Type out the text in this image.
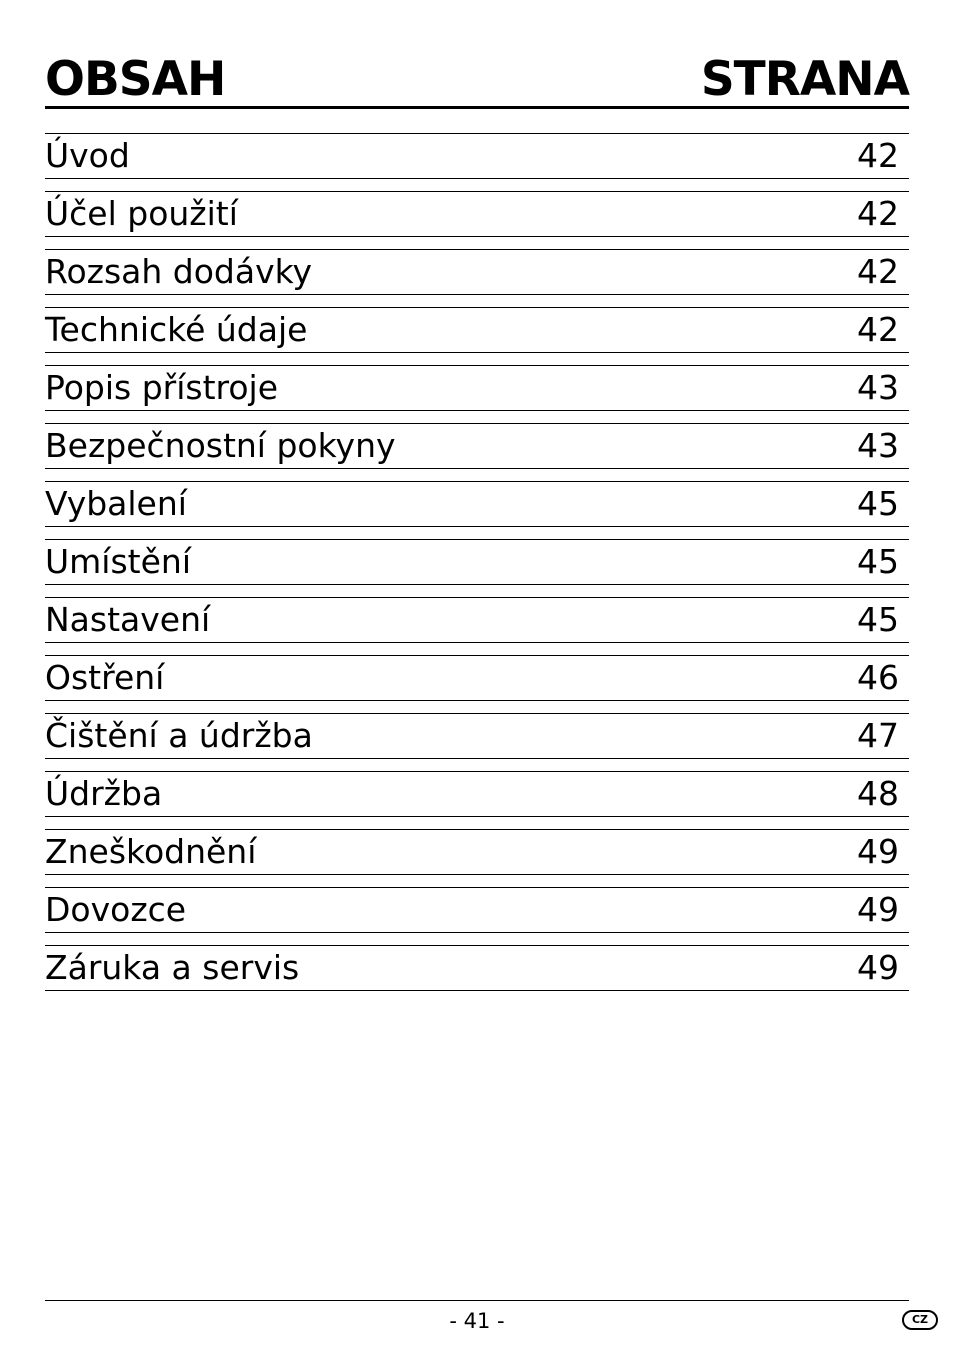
OBSAH	STRANA
Úvod	42
Účel použití	42
Rozsah dodávky	42
Technické údaje	42
Popis přístroje	43
Bezpečnostní pokyny	43
Vybalení	45
Umístění	45
Nastavení	45
Ostření	46
Čištění a údržba	47
Údržba	48
Zneškodnění	49
Dovozce	49
Záruka a servis	49
- 41 -	CZ
